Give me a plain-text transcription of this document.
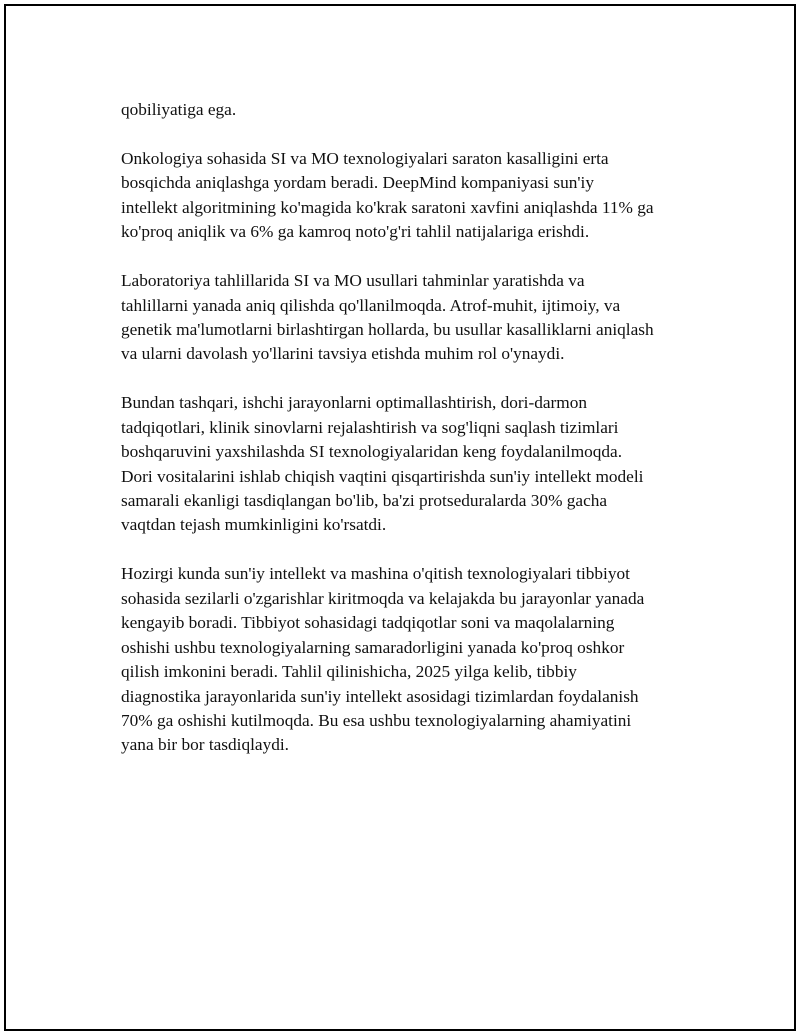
qobiliyatiga ega.

Onkologiya sohasida SI va MO texnologiyalari saraton kasalligini erta
bosqichda aniqlashga yordam beradi. DeepMind kompaniyasi sun'iy
intellekt algoritmining ko'magida ko'krak saratoni xavfini aniqlashda 11% ga
ko'proq aniqlik va 6% ga kamroq noto'g'ri tahlil natijalariga erishdi.

Laboratoriya tahlillarida SI va MO usullari tahminlar yaratishda va
tahlillarni yanada aniq qilishda qo'llanilmoqda. Atrof-muhit, ijtimoiy, va
genetik ma'lumotlarni birlashtirgan hollarda, bu usullar kasalliklarni aniqlash
va ularni davolash yo'llarini tavsiya etishda muhim rol o'ynaydi.

Bundan tashqari, ishchi jarayonlarni optimallashtirish, dori-darmon
tadqiqotlari, klinik sinovlarni rejalashtirish va sog'liqni saqlash tizimlari
boshqaruvini yaxshilashda SI texnologiyalaridan keng foydalanilmoqda.
Dori vositalarini ishlab chiqish vaqtini qisqartirishda sun'iy intellekt modeli
samarali ekanligi tasdiqlangan bo'lib, ba'zi protseduralarda 30% gacha
vaqtdan tejash mumkinligini ko'rsatdi.

Hozirgi kunda sun'iy intellekt va mashina o'qitish texnologiyalari tibbiyot
sohasida sezilarli o'zgarishlar kiritmoqda va kelajakda bu jarayonlar yanada
kengayib boradi. Tibbiyot sohasidagi tadqiqotlar soni va maqolalarning
oshishi ushbu texnologiyalarning samaradorligini yanada ko'proq oshkor
qilish imkonini beradi. Tahlil qilinishicha, 2025 yilga kelib, tibbiy
diagnostika jarayonlarida sun'iy intellekt asosidagi tizimlardan foydalanish
70% ga oshishi kutilmoqda. Bu esa ushbu texnologiyalarning ahamiyatini
yana bir bor tasdiqlaydi.
